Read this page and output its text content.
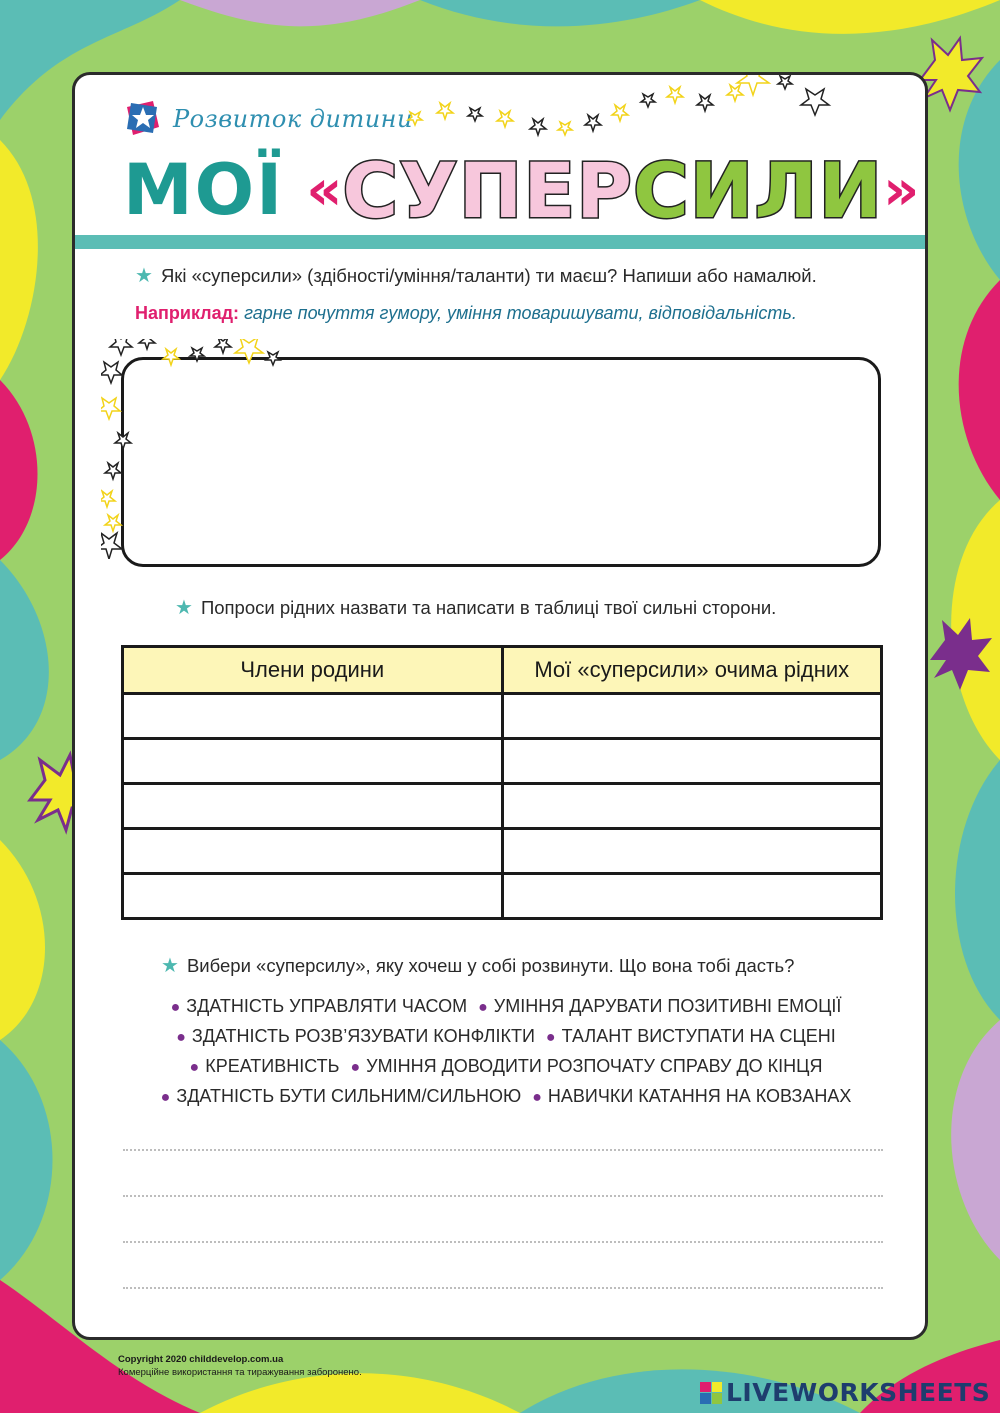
Розвиток дитини
МОЇ « СУПЕР СИЛИ »
★ Які «суперсили» (здібності/уміння/таланти) ти маєш? Напиши або намалюй.
Наприклад: гарне почуття гумору, уміння товаришувати, відповідальність.
★ Попроси рідних назвати та написати в таблиці твої сильні сторони.
Члени родини	Мої «суперсили» очима рідних

★ Вибери «суперсилу», яку хочеш у собі розвинути. Що вона тобі дасть?
● ЗДАТНІСТЬ УПРАВЛЯТИ ЧАСОМ ● УМІННЯ ДАРУВАТИ ПОЗИТИВНІ ЕМОЦІЇ
● ЗДАТНІСТЬ РОЗВ’ЯЗУВАТИ КОНФЛІКТИ ● ТАЛАНТ ВИСТУПАТИ НА СЦЕНІ
● КРЕАТИВНІСТЬ ● УМІННЯ ДОВОДИТИ РОЗПОЧАТУ СПРАВУ ДО КІНЦЯ
● ЗДАТНІСТЬ БУТИ СИЛЬНИМ/СИЛЬНОЮ ● НАВИЧКИ КАТАННЯ НА КОВЗАНАХ
Copyright 2020 childdevelop.com.ua
Комерційне використання та тиражування заборонено.
LIVEWORKSHEETS
